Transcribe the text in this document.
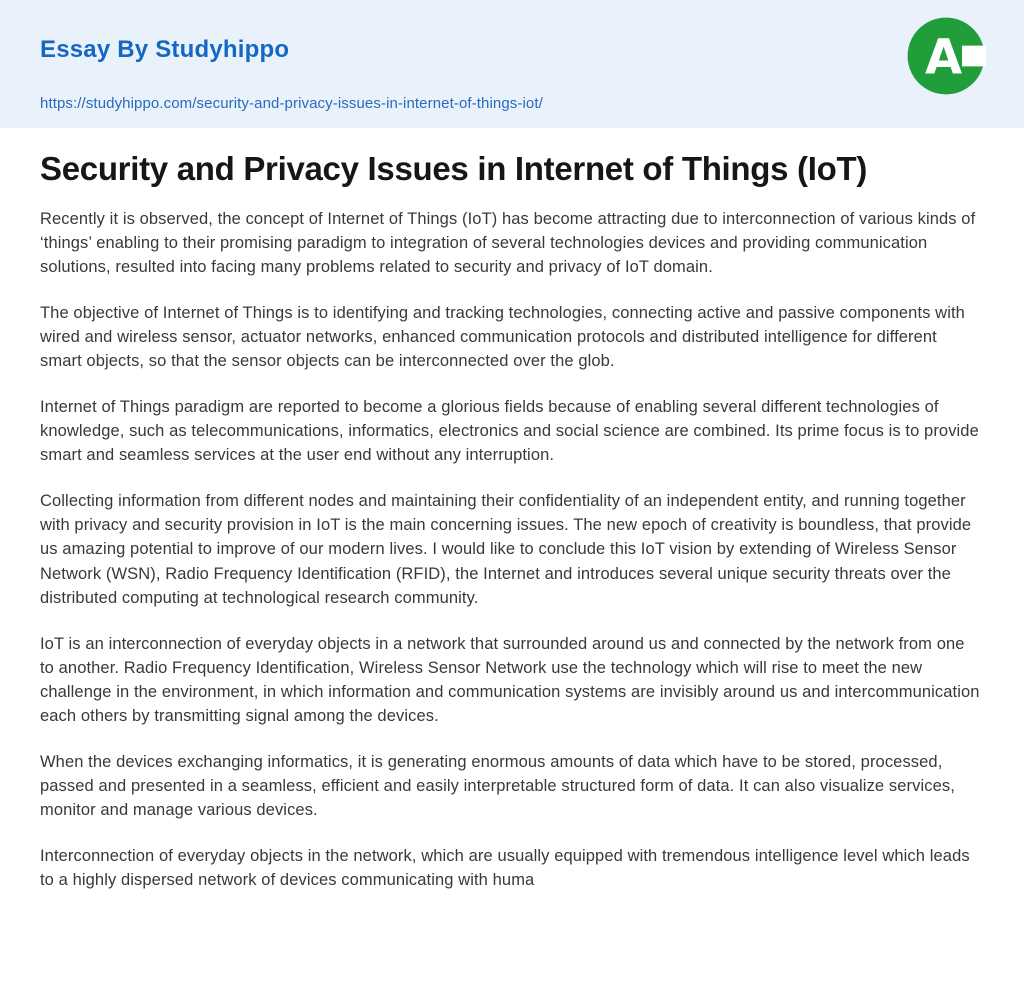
Essay By Studyhippo

https://studyhippo.com/security-and-privacy-issues-in-internet-of-things-iot/
A
Security and Privacy Issues in Internet of Things (IoT)

Recently it is observed, the concept of Internet of Things (IoT) has become attracting due to interconnection of various kinds of ‘things’ enabling to their promising paradigm to integration of several technologies devices and providing communication solutions, resulted into facing many problems related to security and privacy of IoT domain.

The objective of Internet of Things is to identifying and tracking technologies, connecting active and passive components with wired and wireless sensor, actuator networks, enhanced communication protocols and distributed intelligence for different smart objects, so that the sensor objects can be interconnected over the glob.

Internet of Things paradigm are reported to become a glorious fields because of enabling several different technologies of knowledge, such as telecommunications, informatics, electronics and social science are combined. Its prime focus is to provide smart and seamless services at the user end without any interruption.

Collecting information from different nodes and maintaining their confidentiality of an independent entity, and running together with privacy and security provision in IoT is the main concerning issues. The new epoch of creativity is boundless, that provide us amazing potential to improve of our modern lives. I would like to conclude this IoT vision by extending of Wireless Sensor Network (WSN), Radio Frequency Identification (RFID), the Internet and introduces several unique security threats over the distributed computing at technological research community.

IoT is an interconnection of everyday objects in a network that surrounded around us and connected by the network from one to another. Radio Frequency Identification, Wireless Sensor Network use the technology which will rise to meet the new challenge in the environment, in which information and communication systems are invisibly around us and intercommunication each others by transmitting signal among the devices.

When the devices exchanging informatics, it is generating enormous amounts of data which have to be stored, processed, passed and presented in a seamless, efficient and easily interpretable structured form of data. It can also visualize services, monitor and manage various devices.

Interconnection of everyday objects in the network, which are usually equipped with tremendous intelligence level which leads to a highly dispersed network of devices communicating with huma
